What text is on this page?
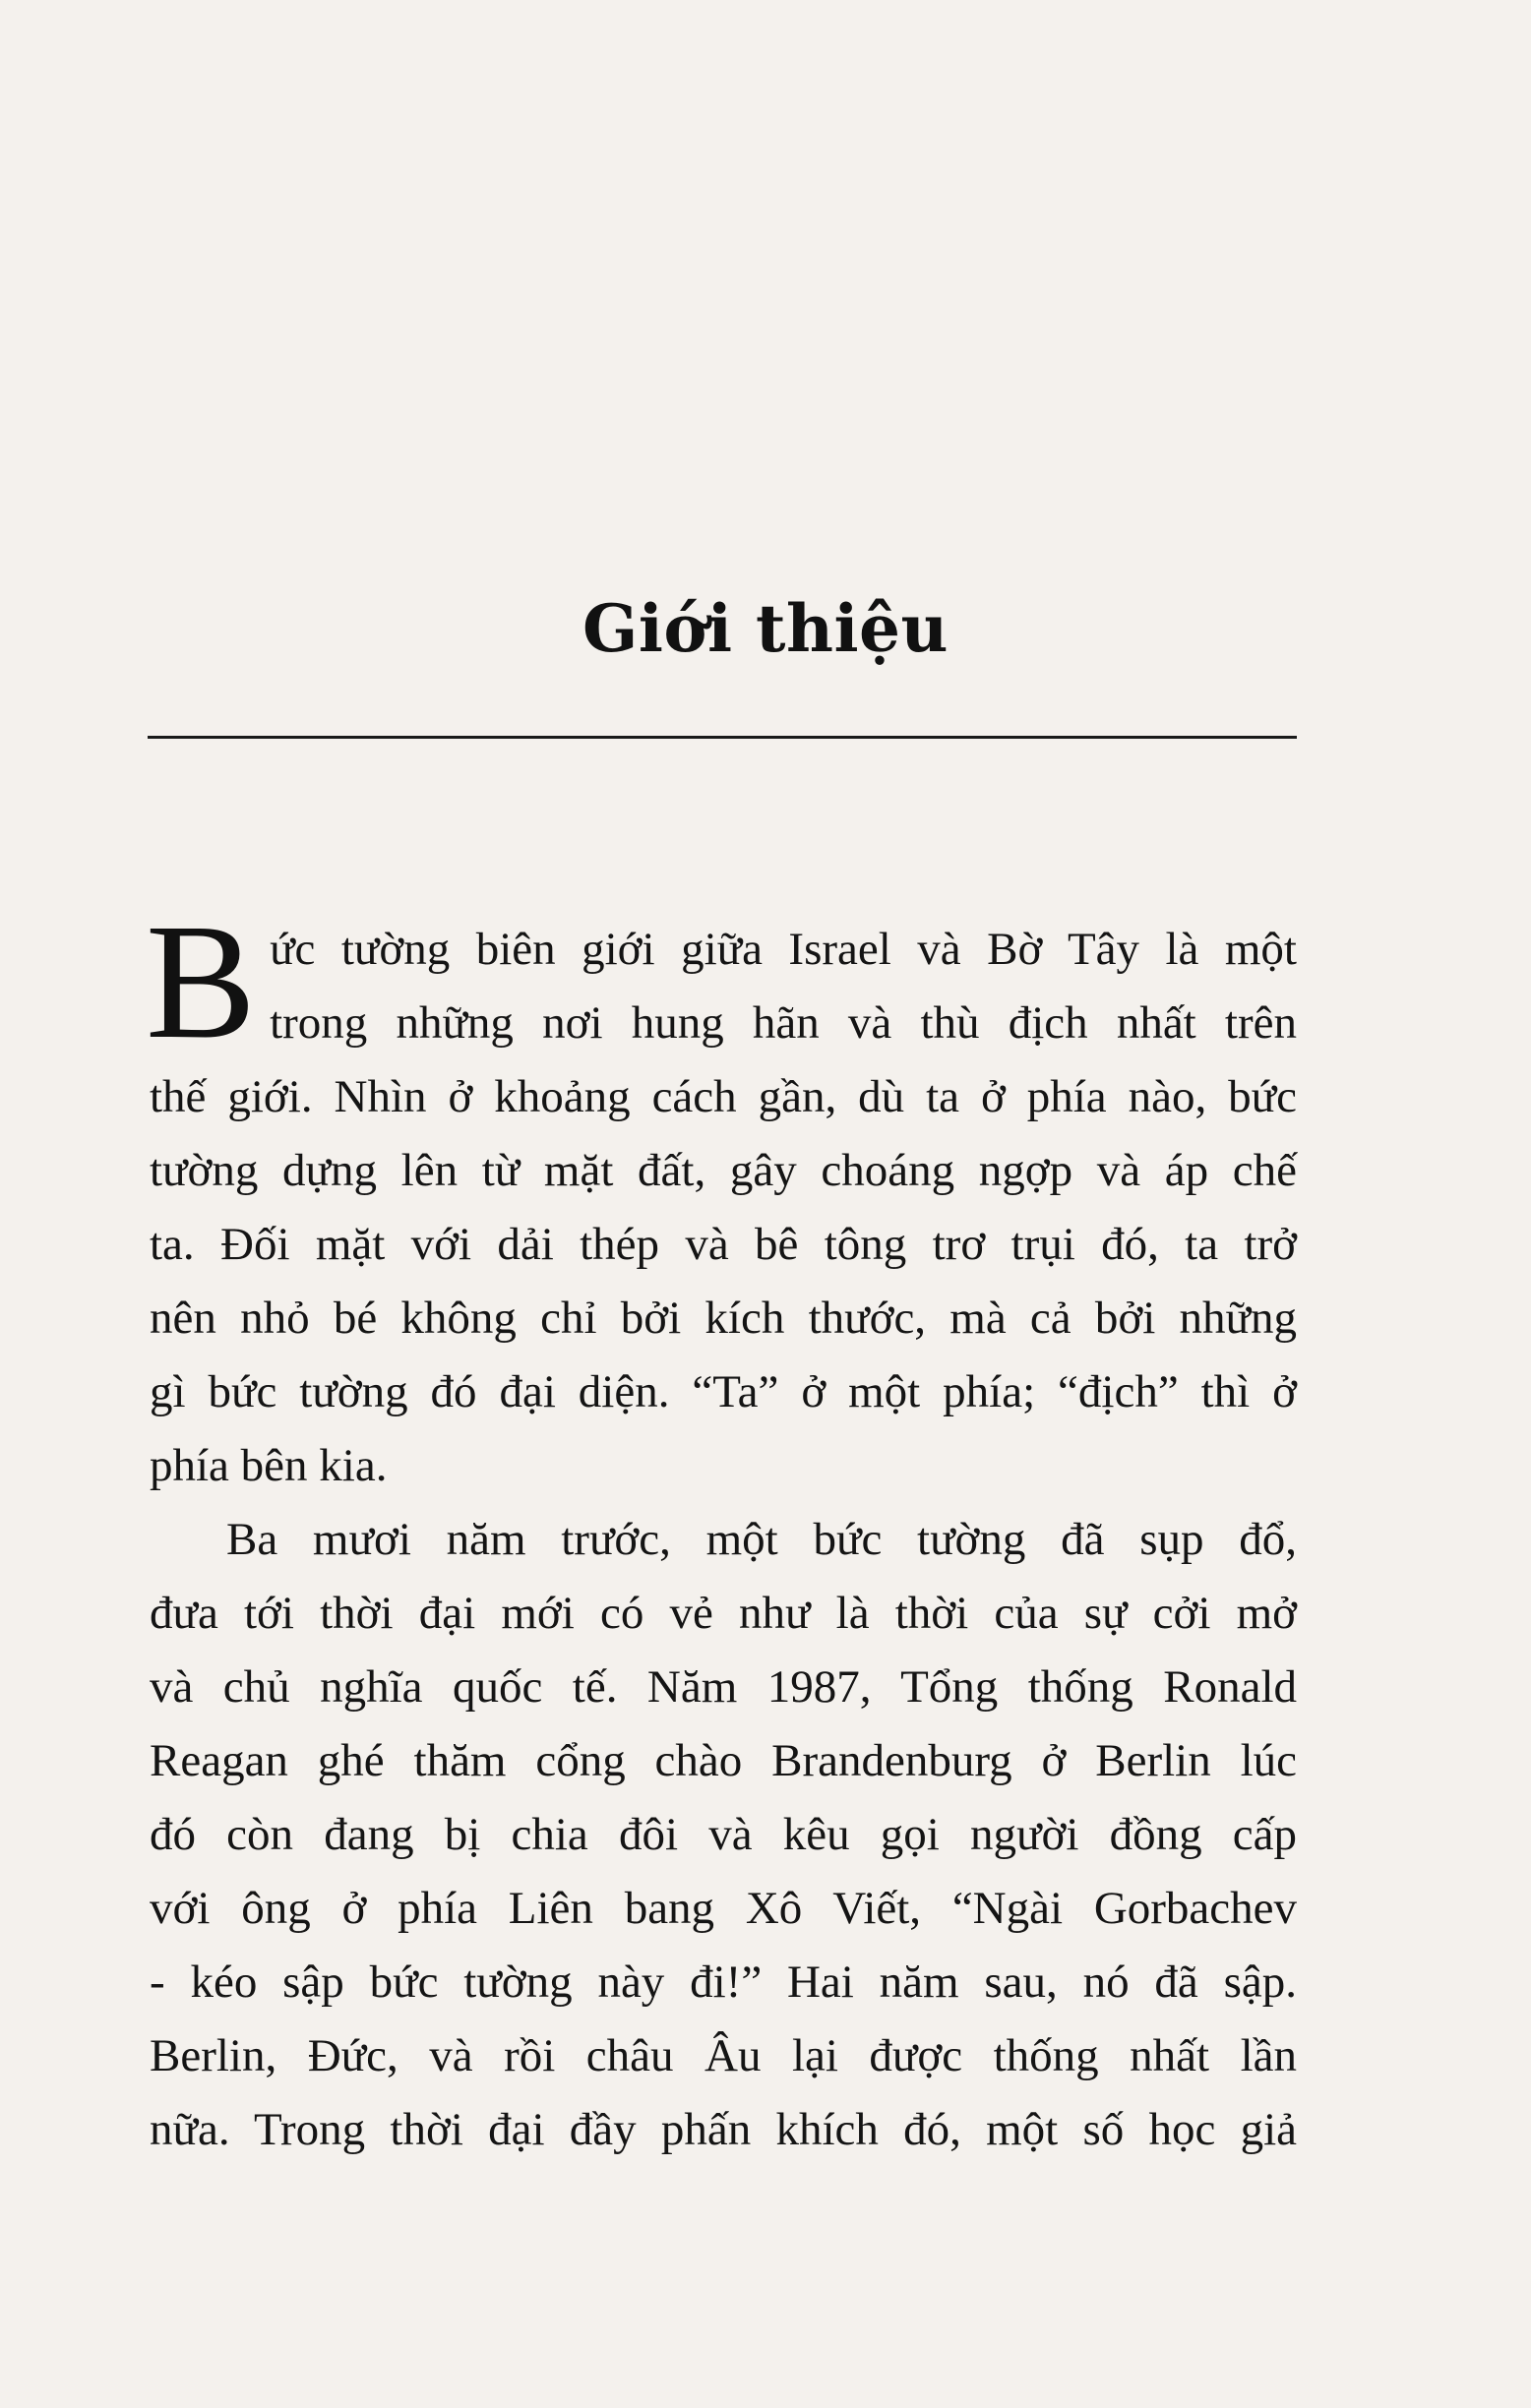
Giới thiệu
B ức tường biên giới giữa Israel và Bờ Tây là một
trong những nơi hung hãn và thù địch nhất trên
thế giới. Nhìn ở khoảng cách gần, dù ta ở phía nào, bức
tường dựng lên từ mặt đất, gây choáng ngợp và áp chế
ta. Đối mặt với dải thép và bê tông trơ trụi đó, ta trở
nên nhỏ bé không chỉ bởi kích thước, mà cả bởi những
gì bức tường đó đại diện. “Ta” ở một phía; “địch” thì ở
phía bên kia.
Ba mươi năm trước, một bức tường đã sụp đổ,
đưa tới thời đại mới có vẻ như là thời của sự cởi mở
và chủ nghĩa quốc tế. Năm 1987, Tổng thống Ronald
Reagan ghé thăm cổng chào Brandenburg ở Berlin lúc
đó còn đang bị chia đôi và kêu gọi người đồng cấp
với ông ở phía Liên bang Xô Viết, “Ngài Gorbachev
- kéo sập bức tường này đi!” Hai năm sau, nó đã sập.
Berlin, Đức, và rồi châu Âu lại được thống nhất lần
nữa. Trong thời đại đầy phấn khích đó, một số học giả
